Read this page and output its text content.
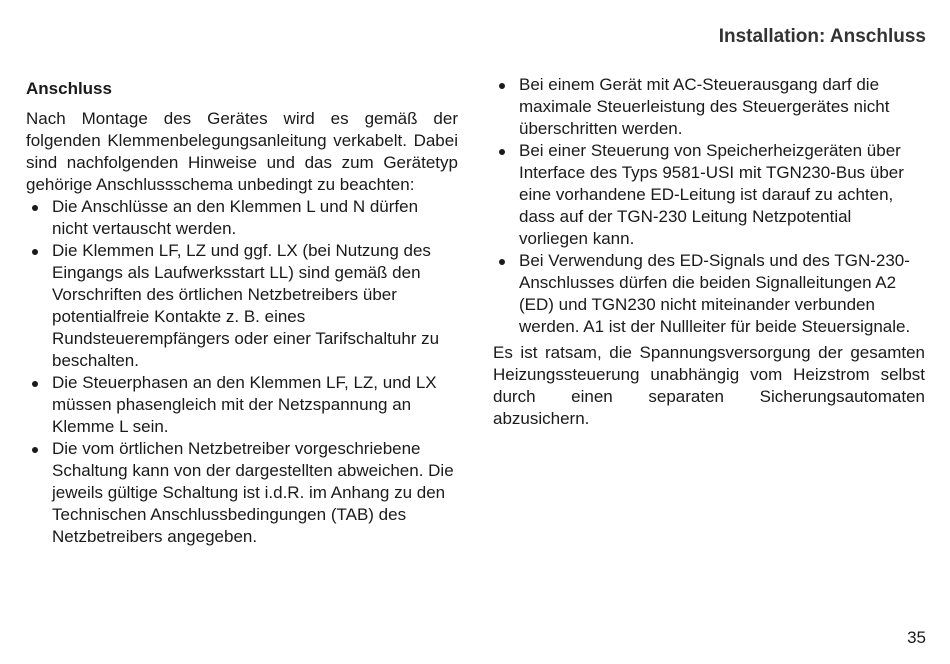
Installation: Anschluss
Anschluss

Nach Montage des Gerätes wird es gemäß der folgenden Klemmenbelegungsanleitung verkabelt. Dabei sind nachfolgenden Hinweise und das zum Gerätetyp gehörige Anschlussschema unbedingt zu beachten:

Die Anschlüsse an den Klemmen L und N dürfen nicht vertauscht werden.
Die Klemmen LF, LZ und ggf. LX (bei Nutzung des Eingangs als Laufwerksstart LL) sind gemäß den Vorschriften des örtlichen Netzbetreibers über potentialfreie Kontakte z. B. eines Rundsteuerempfängers oder einer Tarifschaltuhr zu beschalten.
Die Steuerphasen an den Klemmen LF, LZ, und LX müssen phasengleich mit der Netzspannung an Klemme L sein.
Die vom örtlichen Netzbetreiber vorgeschriebene Schaltung kann von der dargestellten abweichen. Die jeweils gültige Schaltung ist i.d.R. im Anhang zu den Technischen Anschlussbedingungen (TAB) des Netzbetreibers angegeben.
Bei einem Gerät mit AC-Steuerausgang darf die maximale Steuerleistung des Steuergerätes nicht überschritten werden.
Bei einer Steuerung von Speicherheizgeräten über Interface des Typs 9581-USI mit TGN230-Bus über eine vorhandene ED-Leitung ist darauf zu achten, dass auf der TGN-230 Leitung Netzpotential vorliegen kann.
Bei Verwendung des ED-Signals und des TGN-230-Anschlusses dürfen die beiden Signalleitungen A2 (ED) und TGN230 nicht miteinander verbunden werden. A1 ist der Nullleiter für beide Steuersignale.

Es ist ratsam, die Spannungsversorgung der gesamten Heizungssteuerung unabhängig vom Heizstrom selbst durch einen separaten Sicherungsautomaten abzusichern.

35
